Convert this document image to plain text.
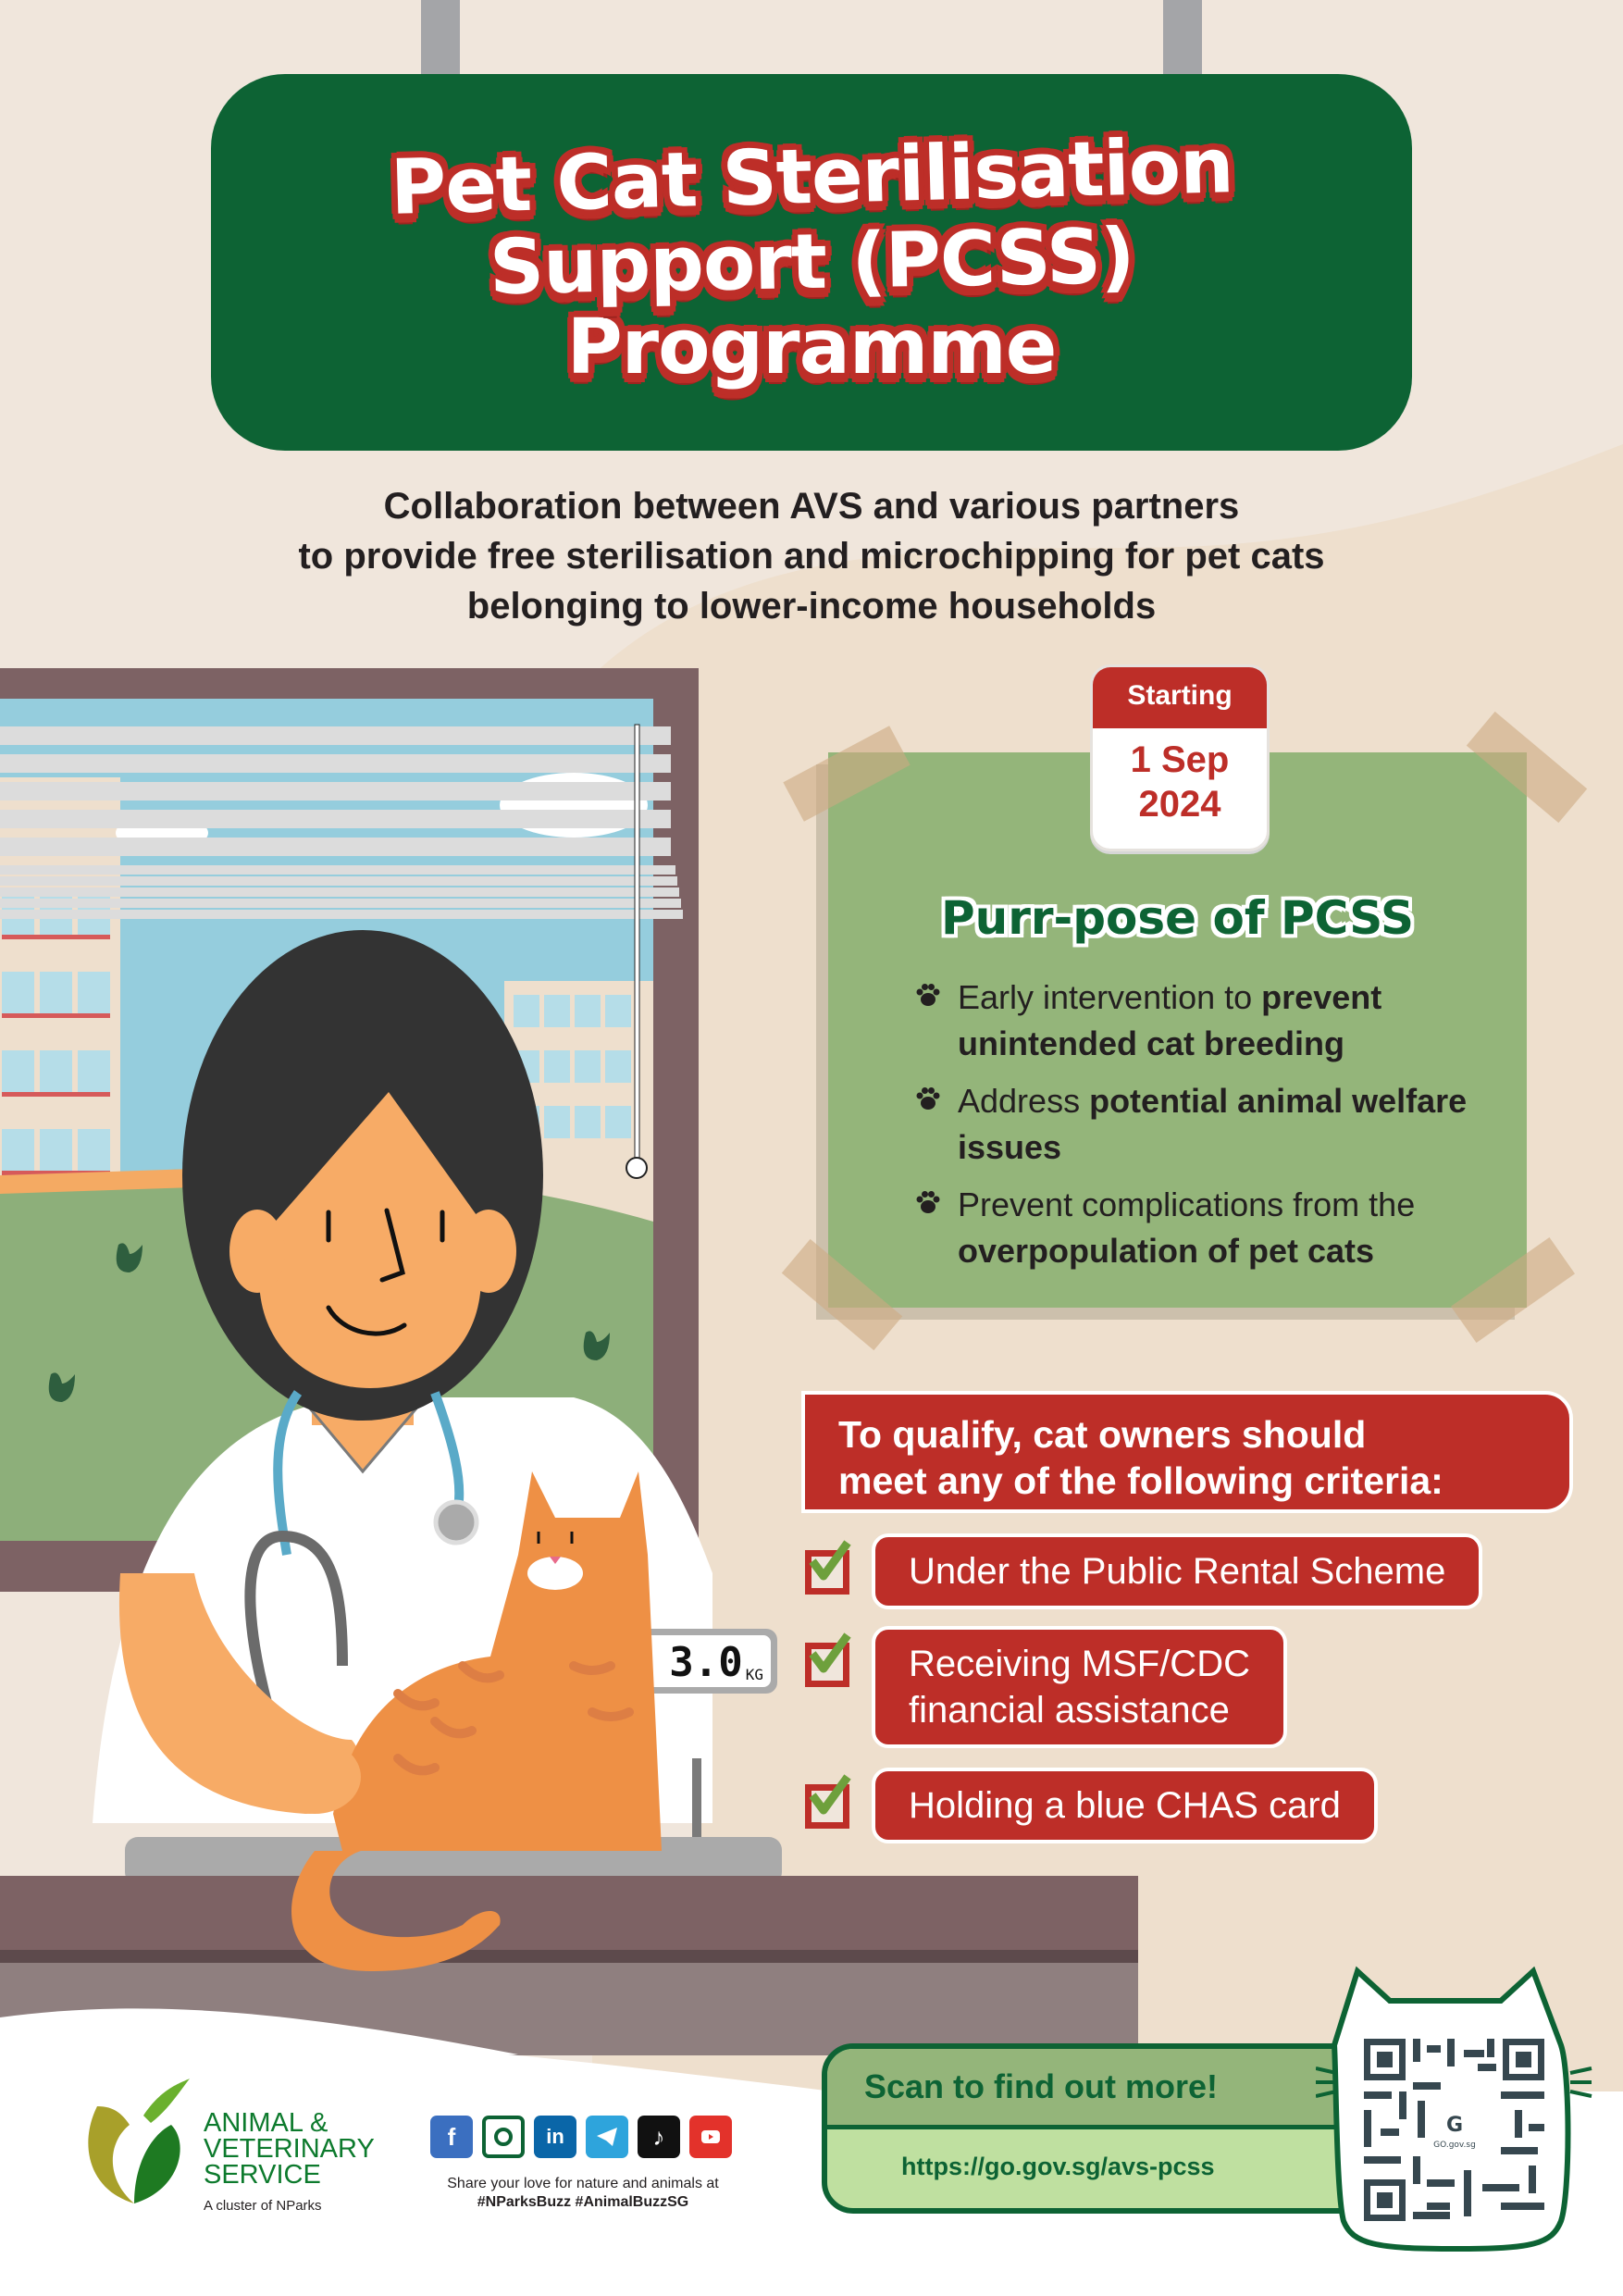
Pet Cat Sterilisation
Support (PCSS)
Programme
Collaboration between AVS and various partners
to provide free sterilisation and microchipping for pet cats
belonging to lower-income households
3.0 KG
Purr-pose of PCSS
Early intervention to prevent unintended cat breeding
Address potential animal welfare issues
Prevent complications from the overpopulation of pet cats
Starting
1 Sep
2024
To qualify, cat owners should
meet any of the following criteria:
Under the Public Rental Scheme
Receiving MSF/CDC
financial assistance
Holding a blue CHAS card
ANIMAL &
VETERINARY
SERVICE
A cluster of NParks
f	in	♪
Share your love for nature and animals at
#NParksBuzz #AnimalBuzzSG
Scan to find out more!
https://go.gov.sg/avs-pcss
G
GO.gov.sg
